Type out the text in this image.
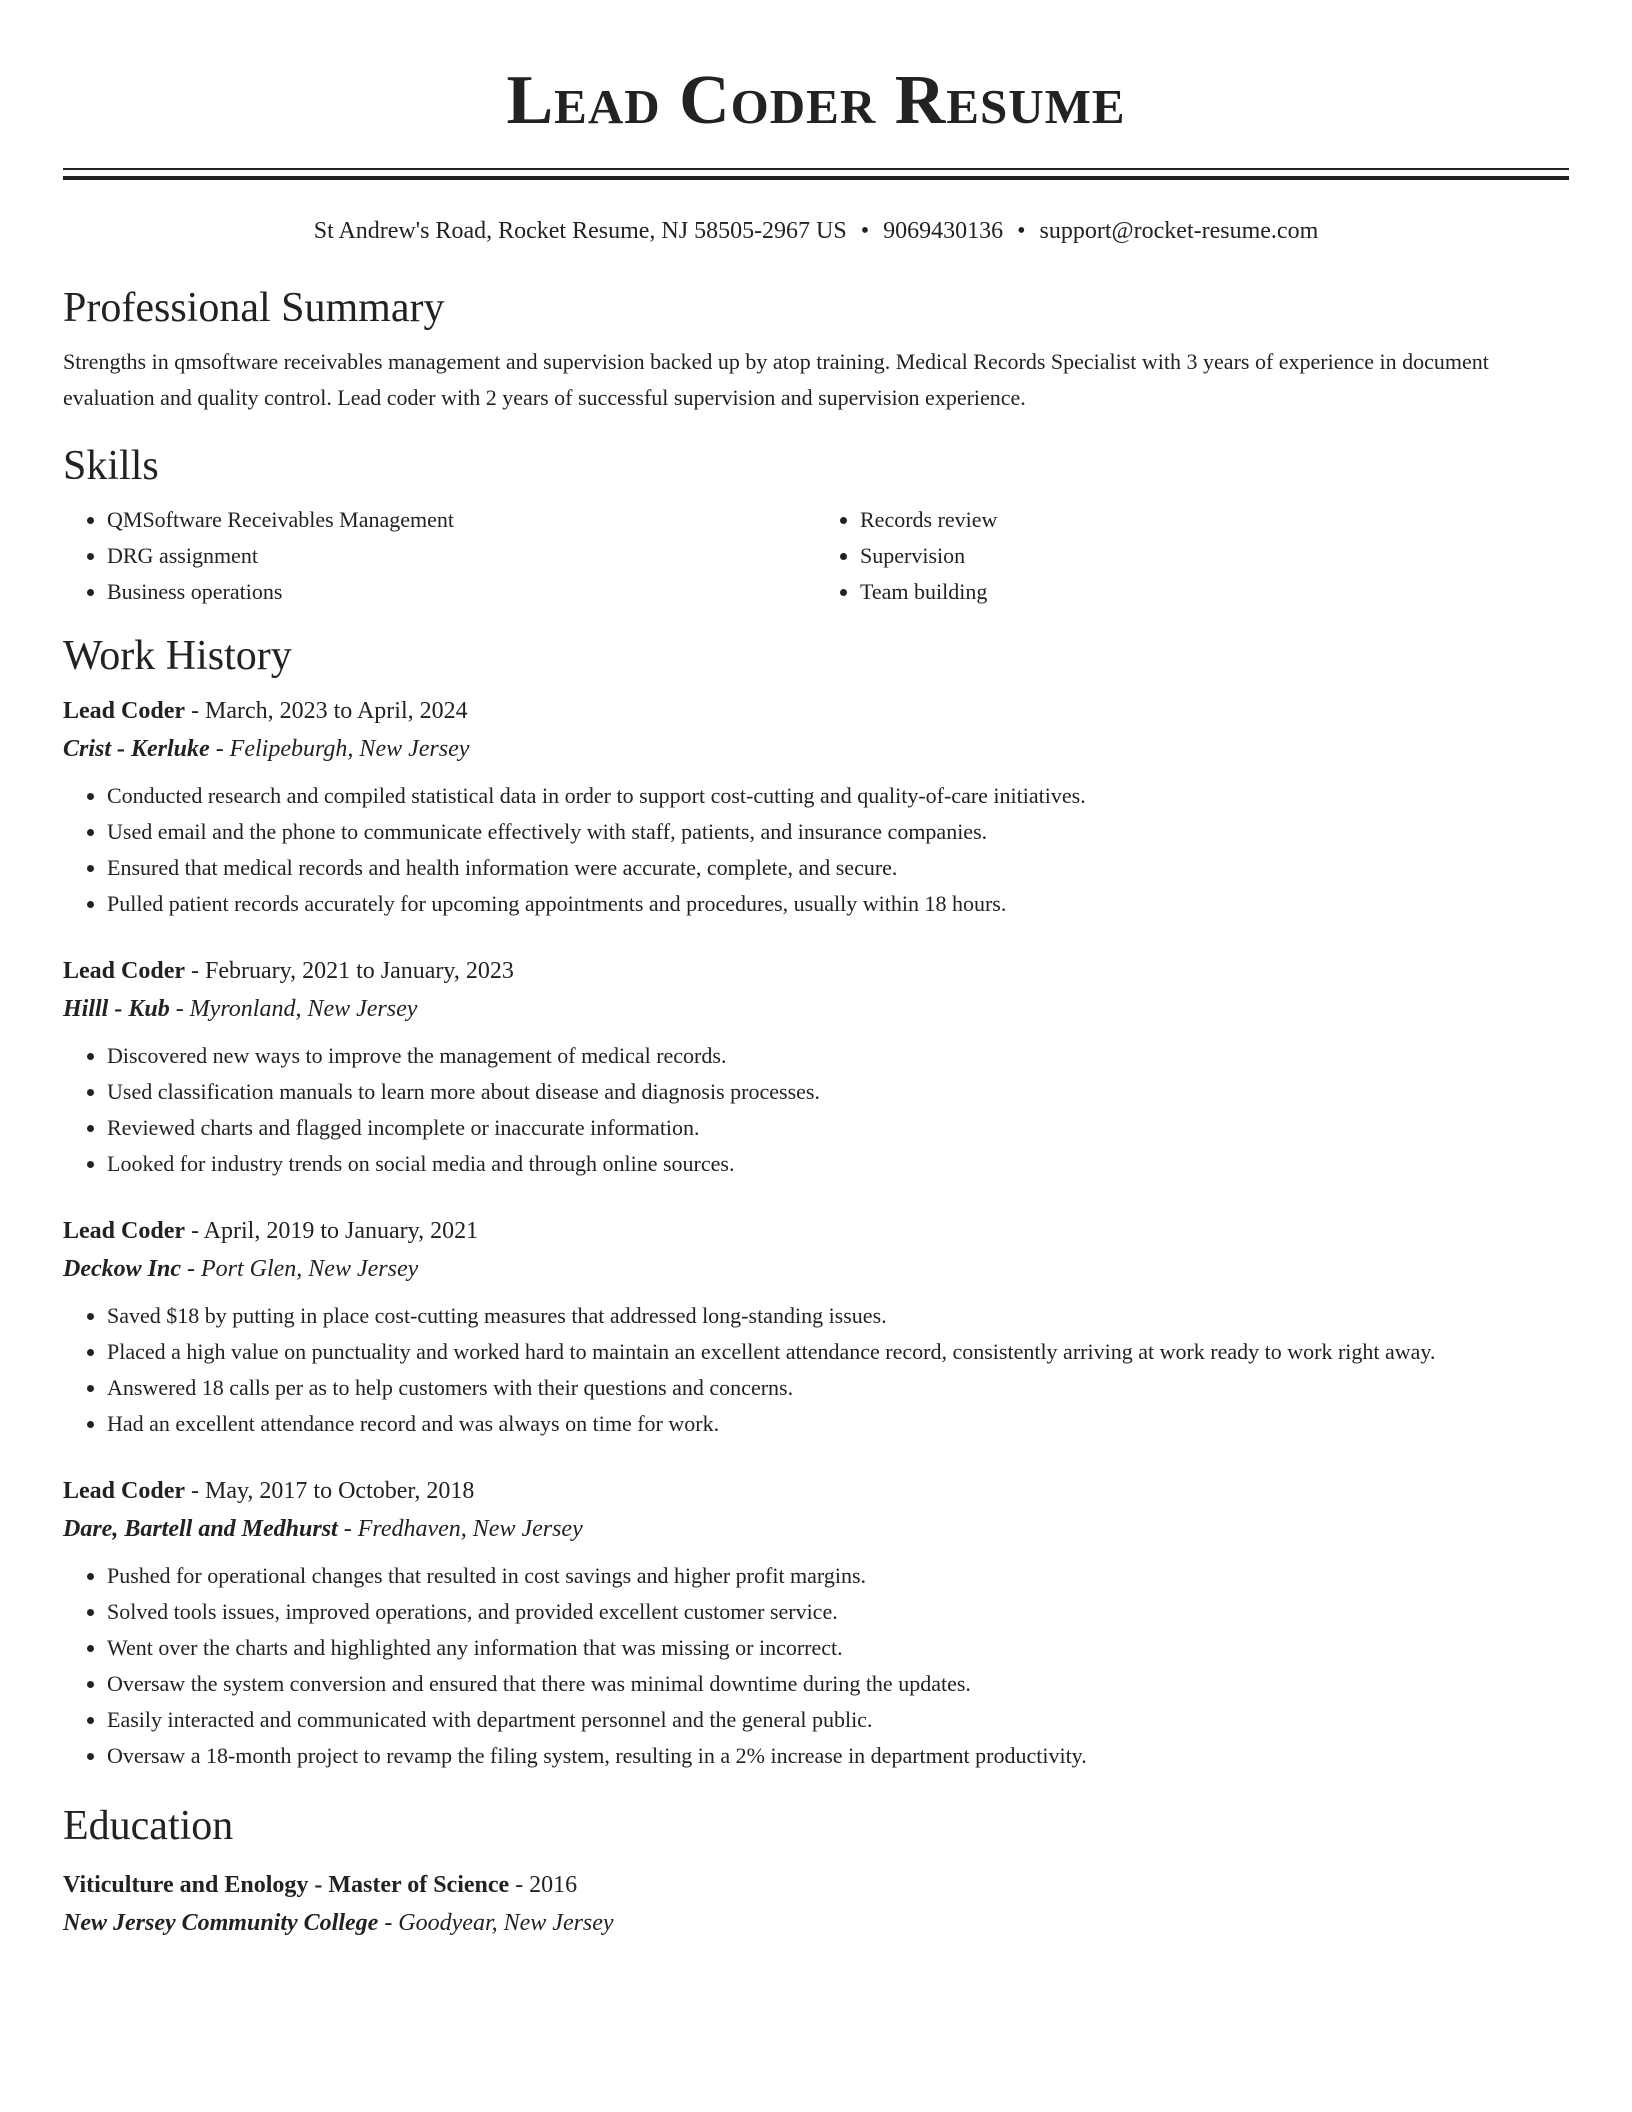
Lead Coder Resume
St Andrew's Road, Rocket Resume, NJ 58505-2967 US • 9069430136 • support@rocket-resume.com
Professional Summary

Strengths in qmsoftware receivables management and supervision backed up by atop training. Medical Records Specialist with 3 years of experience in document evaluation and quality control. Lead coder with 2 years of successful supervision and supervision experience.

Skills
• QMSoftware Receivables Management
• DRG assignment
• Business operations
• Records review
• Supervision
• Team building
Work History
Lead Coder - March, 2023 to April, 2024
Crist - Kerluke - Felipeburgh, New Jersey
• Conducted research and compiled statistical data in order to support cost-cutting and quality-of-care initiatives.
• Used email and the phone to communicate effectively with staff, patients, and insurance companies.
• Ensured that medical records and health information were accurate, complete, and secure.
• Pulled patient records accurately for upcoming appointments and procedures, usually within 18 hours.
Lead Coder - February, 2021 to January, 2023
Hilll - Kub - Myronland, New Jersey
• Discovered new ways to improve the management of medical records.
• Used classification manuals to learn more about disease and diagnosis processes.
• Reviewed charts and flagged incomplete or inaccurate information.
• Looked for industry trends on social media and through online sources.
Lead Coder - April, 2019 to January, 2021
Deckow Inc - Port Glen, New Jersey
• Saved $18 by putting in place cost-cutting measures that addressed long-standing issues.
• Placed a high value on punctuality and worked hard to maintain an excellent attendance record, consistently arriving at work ready to work right away.
• Answered 18 calls per as to help customers with their questions and concerns.
• Had an excellent attendance record and was always on time for work.
Lead Coder - May, 2017 to October, 2018
Dare, Bartell and Medhurst - Fredhaven, New Jersey
• Pushed for operational changes that resulted in cost savings and higher profit margins.
• Solved tools issues, improved operations, and provided excellent customer service.
• Went over the charts and highlighted any information that was missing or incorrect.
• Oversaw the system conversion and ensured that there was minimal downtime during the updates.
• Easily interacted and communicated with department personnel and the general public.
• Oversaw a 18-month project to revamp the filing system, resulting in a 2% increase in department productivity.
Education
Viticulture and Enology - Master of Science - 2016
New Jersey Community College - Goodyear, New Jersey
